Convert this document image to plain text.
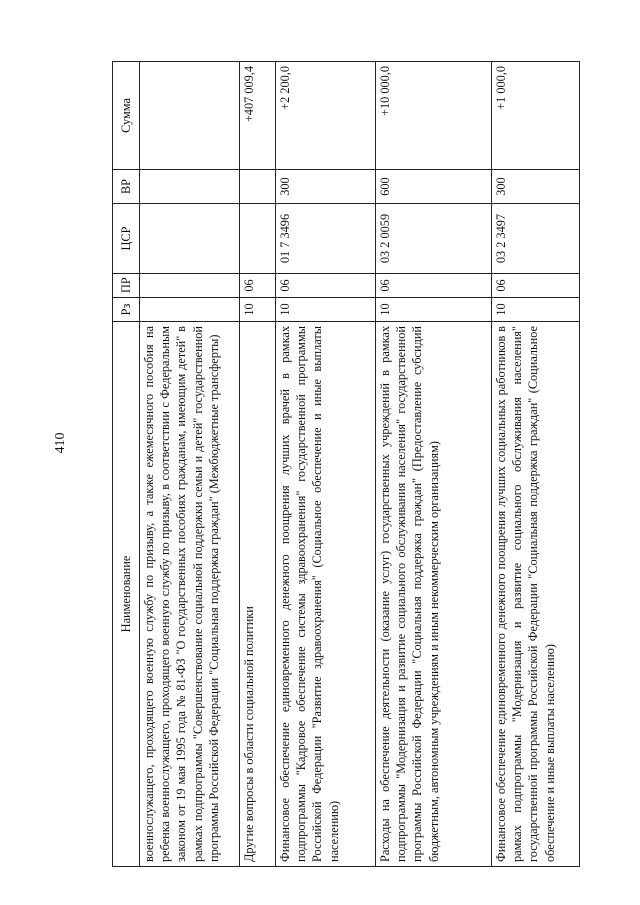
410
Наименование	Рз	ПР	ЦСР	ВР	Сумма
военнослужащего, проходящего военную службу по призыву, а также ежемесячного пособия на ребенка военнослужащего, проходящего военную службу по призыву, в соответствии с Федеральным законом от 19 мая 1995 года № 81-ФЗ "О государственных пособиях гражданам, имеющим детей" в рамках подпрограммы "Совершенствование социальной поддержки семьи и детей" государственной программы Российской Федерации "Социальная поддержка граждан" (Межбюджетные трансферты)					
Другие вопросы в области социальной политики	10	06			+407 009,4
Финансовое обеспечение единовременного денежного поощрения лучших врачей в рамках подпрограммы "Кадровое обеспечение системы здравоохранения" государственной программы Российской Федерации "Развитие здравоохранения" (Социальное обеспечение и иные выплаты населению)	10	06	01 7 3496	300	+2 200,0
Расходы на обеспечение деятельности (оказание услуг) государственных учреждений в рамках подпрограммы "Модернизация и развитие социального обслуживания населения" государственной программы Российской Федерации "Социальная поддержка граждан" (Предоставление субсидий бюджетным, автономным учреждениям и иным некоммерческим организациям)	10	06	03 2 0059	600	+10 000,0
Финансовое обеспечение единовременного денежного поощрения лучших социальных работников в рамках подпрограммы "Модернизация и развитие социального обслуживания населения" государственной программы Российской Федерации "Социальная поддержка граждан" (Социальное обеспечение и иные выплаты населению)	10	06	03 2 3497	300	+1 000,0
